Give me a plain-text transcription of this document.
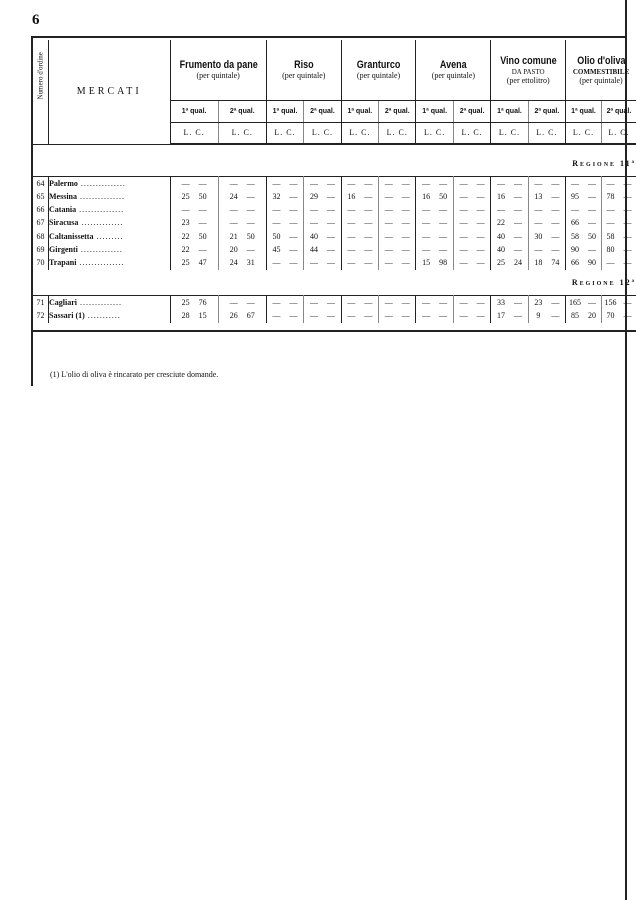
6
Numero d'ordine	MERCATI	Frumento da pane
(per quintale)		Riso
(per quintale)		Granturco
(per quintale)		Avena
(per quintale)		Vino comune
DA PASTO
(per ettolitro)		Olio d'oliva
COMMESTIBILE
(per quintale)	
		1ª qual.	2ª qual.	1ª qual.	2ª qual.	1ª qual.	2ª qual.	1ª qual.	2ª qual.	1ª qual.	2ª qual.	1ª qual.	2ª qual.
		L. C.	L. C.	L. C.	L. C.	L. C.	L. C.	L. C.	L. C.	L. C.	L. C.	L. C.	L. C.

Regione 11ª													

64	Palermo ...............	— —	— —	— —	— —	— —	— —	— —	— —	— —	— —	— —	— —
65	Messina ...............	25 50	24 —	32 —	29 —	16 —	— —	16 50	— —	16 —	13 —	95 —	78 —
66	Catania ...............	— —	— —	— —	— —	— —	— —	— —	— —	— —	— —	— —	— —
67	Siracusa ..............	23 —	— —	— —	— —	— —	— —	— —	— —	22 —	— —	66 —	— —
68	Caltanissetta .........	22 50	21 50	50 —	40 —	— —	— —	— —	— —	40 —	30 —	58 50	58 —
69	Girgenti ..............	22 —	20 —	45 —	44 —	— —	— —	— —	— —	40 —	— —	90 —	80 —
70	Trapani ...............	25 47	24 31	— —	— —	— —	— —	15 98	— —	25 24	18 74	66 90	— —

Regione 12ª													

71	Cagliari ..............	25 76	— —	— —	— —	— —	— —	— —	— —	33 —	23 —	165 —	156 —
72	Sassari (1) ...........	28 15	26 67	— —	— —	— —	— —	— —	— —	17 —	9 —	85 20	70 —

(1) L'olio di oliva è rincarato per cresciute domande.
